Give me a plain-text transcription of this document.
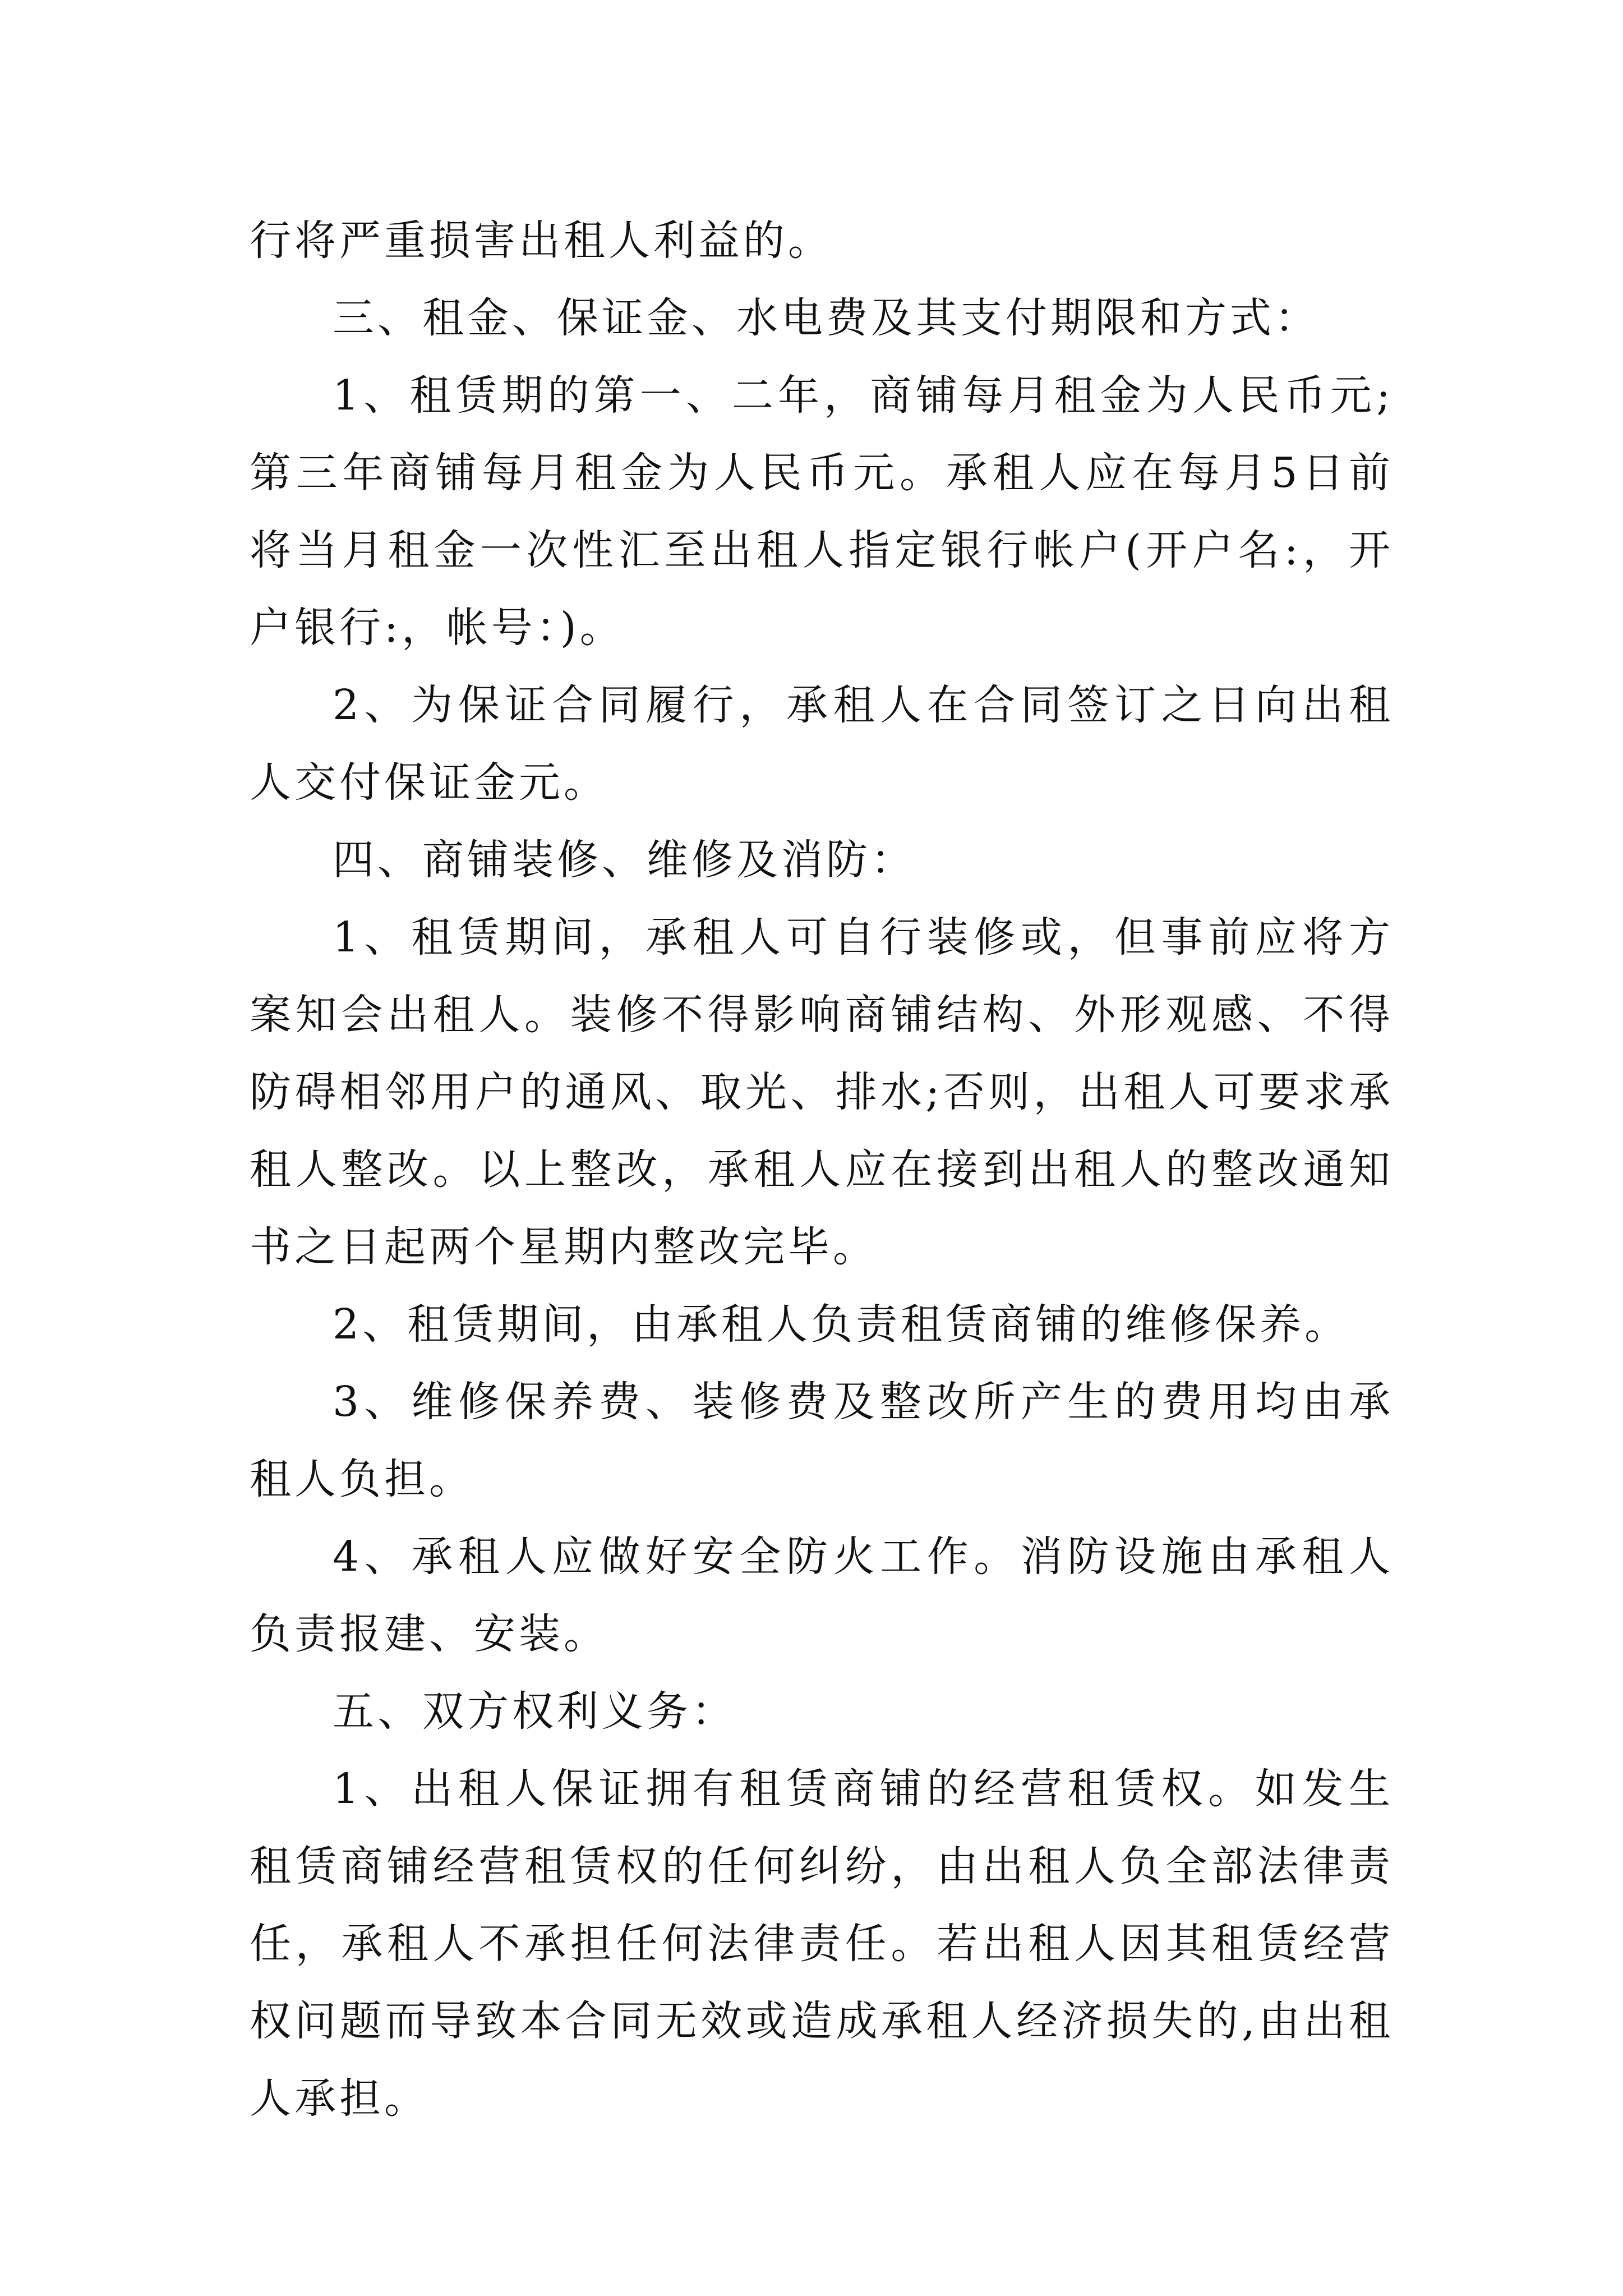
行将严重损害出租人利益的。

三、租金、保证金、水电费及其支付期限和方式：

1、租赁期的第一、二年，商铺每月租金为人民币元;第三年商铺每月租金为人民币元。承租人应在每月5日前将当月租金一次性汇至出租人指定银行帐户(开户名:，开户银行:，帐号：)。

2、为保证合同履行，承租人在合同签订之日向出租人交付保证金元。

四、商铺装修、维修及消防：

1、租赁期间，承租人可自行装修或，但事前应将方案知会出租人。装修不得影响商铺结构、外形观感、不得防碍相邻用户的通风、取光、排水;否则，出租人可要求承租人整改。以上整改，承租人应在接到出租人的整改通知书之日起两个星期内整改完毕。

2、租赁期间，由承租人负责租赁商铺的维修保养。

3、维修保养费、装修费及整改所产生的费用均由承租人负担。

4、承租人应做好安全防火工作。消防设施由承租人负责报建、安装。

五、双方权利义务：

1、出租人保证拥有租赁商铺的经营租赁权。如发生租赁商铺经营租赁权的任何纠纷，由出租人负全部法律责任，承租人不承担任何法律责任。若出租人因其租赁经营权问题而导致本合同无效或造成承租人经济损失的,由出租人承担。
